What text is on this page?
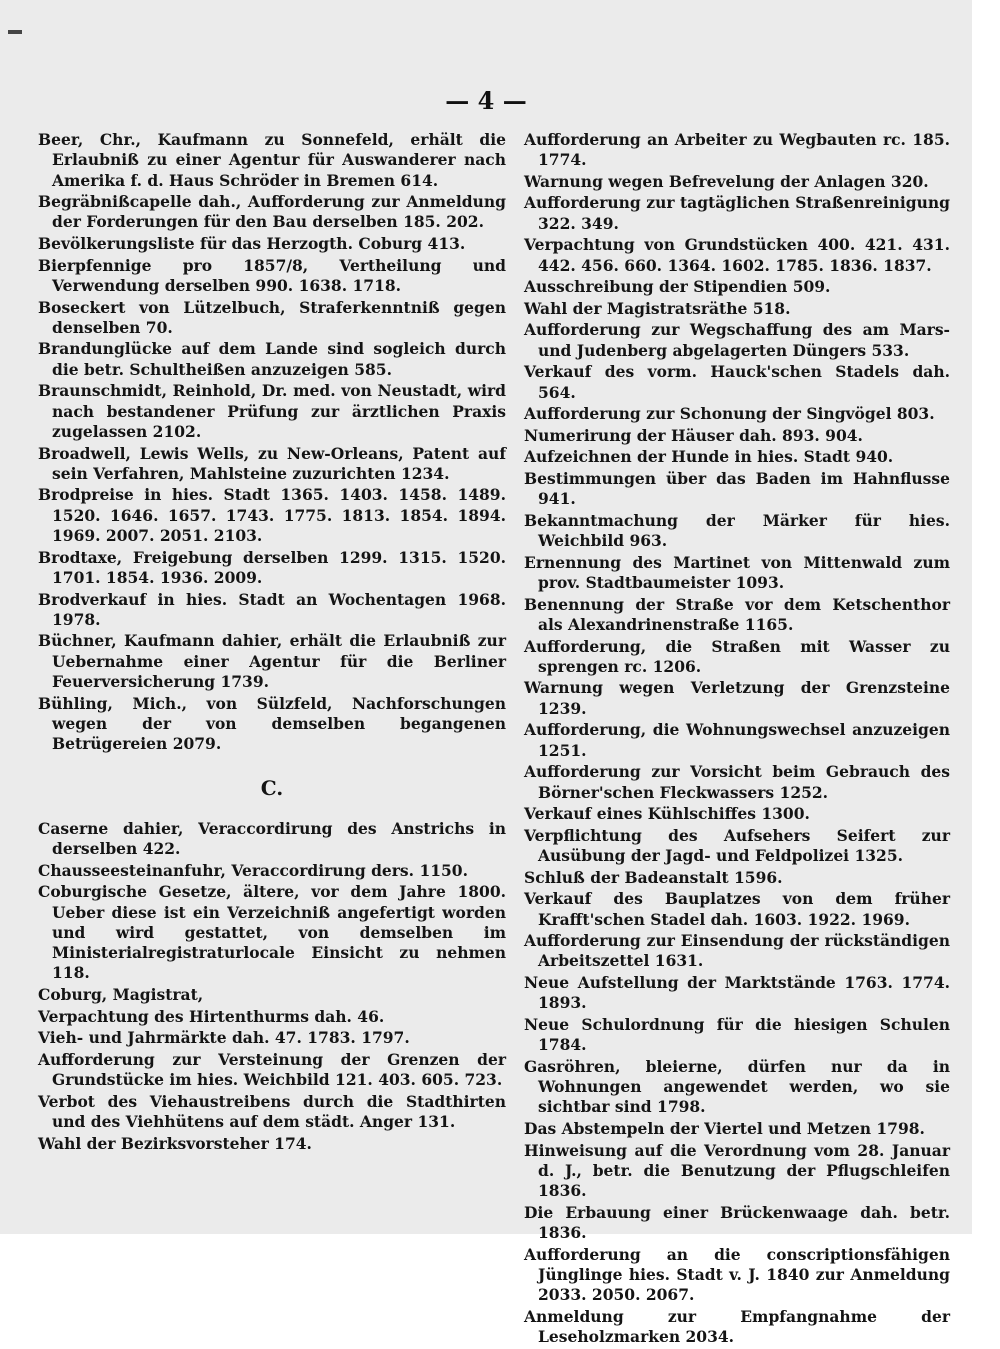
— 4 —
Beer, Chr., Kaufmann zu Sonnefeld, erhält die Erlaubniß zu einer Agentur für Auswanderer nach Amerika f. d. Haus Schröder in Bremen 614.
Begräbnißcapelle dah., Aufforderung zur Anmeldung der Forderungen für den Bau derselben 185. 202.
Bevölkerungsliste für das Herzogth. Coburg 413.
Bierpfennige pro 1857/8, Vertheilung und Verwendung derselben 990. 1638. 1718.
Boseckert von Lützelbuch, Straferkenntniß gegen denselben 70.
Brandunglücke auf dem Lande sind sogleich durch die betr. Schultheißen anzuzeigen 585.
Braunschmidt, Reinhold, Dr. med. von Neustadt, wird nach bestandener Prüfung zur ärztlichen Praxis zugelassen 2102.
Broadwell, Lewis Wells, zu New-Orleans, Patent auf sein Verfahren, Mahlsteine zuzurichten 1234.
Brodpreise in hies. Stadt 1365. 1403. 1458. 1489. 1520. 1646. 1657. 1743. 1775. 1813. 1854. 1894. 1969. 2007. 2051. 2103.
Brodtaxe, Freigebung derselben 1299. 1315. 1520. 1701. 1854. 1936. 2009.
Brodverkauf in hies. Stadt an Wochentagen 1968. 1978.
Büchner, Kaufmann dahier, erhält die Erlaubniß zur Uebernahme einer Agentur für die Berliner Feuerversicherung 1739.
Bühling, Mich., von Sülzfeld, Nachforschungen wegen der von demselben begangenen Betrügereien 2079.
C.
Caserne dahier, Veraccordirung des Anstrichs in derselben 422.
Chausseesteinanfuhr, Veraccordirung ders. 1150.
Coburgische Gesetze, ältere, vor dem Jahre 1800. Ueber diese ist ein Verzeichniß angefertigt worden und wird gestattet, von demselben im Ministerialregistraturlocale Einsicht zu nehmen 118.
Coburg, Magistrat,
Verpachtung des Hirtenthurms dah. 46.
Vieh- und Jahrmärkte dah. 47. 1783. 1797.
Aufforderung zur Versteinung der Grenzen der Grundstücke im hies. Weichbild 121. 403. 605. 723.
Verbot des Viehaustreibens durch die Stadthirten und des Viehhütens auf dem städt. Anger 131.
Wahl der Bezirksvorsteher 174.
Aufforderung an Arbeiter zu Wegbauten rc. 185. 1774.
Warnung wegen Befrevelung der Anlagen 320.
Aufforderung zur tagtäglichen Straßenreinigung 322. 349.
Verpachtung von Grundstücken 400. 421. 431. 442. 456. 660. 1364. 1602. 1785. 1836. 1837.
Ausschreibung der Stipendien 509.
Wahl der Magistratsräthe 518.
Aufforderung zur Wegschaffung des am Mars- und Judenberg abgelagerten Düngers 533.
Verkauf des vorm. Hauck'schen Stadels dah. 564.
Aufforderung zur Schonung der Singvögel 803.
Numerirung der Häuser dah. 893. 904.
Aufzeichnen der Hunde in hies. Stadt 940.
Bestimmungen über das Baden im Hahnflusse 941.
Bekanntmachung der Märker für hies. Weichbild 963.
Ernennung des Martinet von Mittenwald zum prov. Stadtbaumeister 1093.
Benennung der Straße vor dem Ketschenthor als Alexandrinenstraße 1165.
Aufforderung, die Straßen mit Wasser zu sprengen rc. 1206.
Warnung wegen Verletzung der Grenzsteine 1239.
Aufforderung, die Wohnungswechsel anzuzeigen 1251.
Aufforderung zur Vorsicht beim Gebrauch des Börner'schen Fleckwassers 1252.
Verkauf eines Kühlschiffes 1300.
Verpflichtung des Aufsehers Seifert zur Ausübung der Jagd- und Feldpolizei 1325.
Schluß der Badeanstalt 1596.
Verkauf des Bauplatzes von dem früher Krafft'schen Stadel dah. 1603. 1922. 1969.
Aufforderung zur Einsendung der rückständigen Arbeitszettel 1631.
Neue Aufstellung der Marktstände 1763. 1774. 1893.
Neue Schulordnung für die hiesigen Schulen 1784.
Gasröhren, bleierne, dürfen nur da in Wohnungen angewendet werden, wo sie sichtbar sind 1798.
Das Abstempeln der Viertel und Metzen 1798.
Hinweisung auf die Verordnung vom 28. Januar d. J., betr. die Benutzung der Pflugschleifen 1836.
Die Erbauung einer Brückenwaage dah. betr. 1836.
Aufforderung an die conscriptionsfähigen Jünglinge hies. Stadt v. J. 1840 zur Anmeldung 2033. 2050. 2067.
Anmeldung zur Empfangnahme der Leseholzmarken 2034.
